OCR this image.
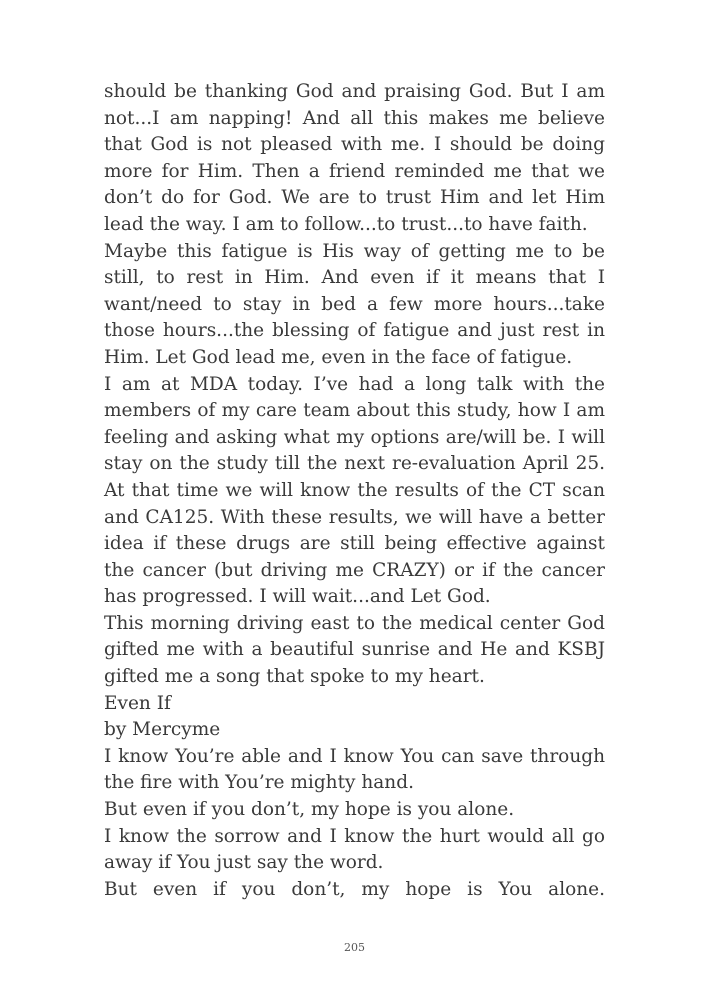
should be thanking God and praising God. But I am not...I am napping! And all this makes me believe that God is not pleased with me. I should be doing more for Him. Then a friend reminded me that we don’t do for God. We are to trust Him and let Him lead the way. I am to follow...to trust...to have faith.

Maybe this fatigue is His way of getting me to be still, to rest in Him. And even if it means that I want/need to stay in bed a few more hours...take those hours...the blessing of fatigue and just rest in Him. Let God lead me, even in the face of fatigue.

I am at MDA today. I’ve had a long talk with the members of my care team about this study, how I am feeling and asking what my options are/will be. I will stay on the study till the next re-evaluation April 25. At that time we will know the results of the CT scan and CA125. With these results, we will have a better idea if these drugs are still being effective against the cancer (but driving me CRAZY) or if the cancer has progressed. I will wait...and Let God.

This morning driving east to the medical center God gifted me with a beautiful sunrise and He and KSBJ gifted me a song that spoke to my heart.

Even If

by Mercyme

I know You’re able and I know You can save through the fire with You’re mighty hand.

But even if you don’t, my hope is you alone.

I know the sorrow and I know the hurt would all go away if You just say the word.

But even if you don’t, my hope is You alone.

205
